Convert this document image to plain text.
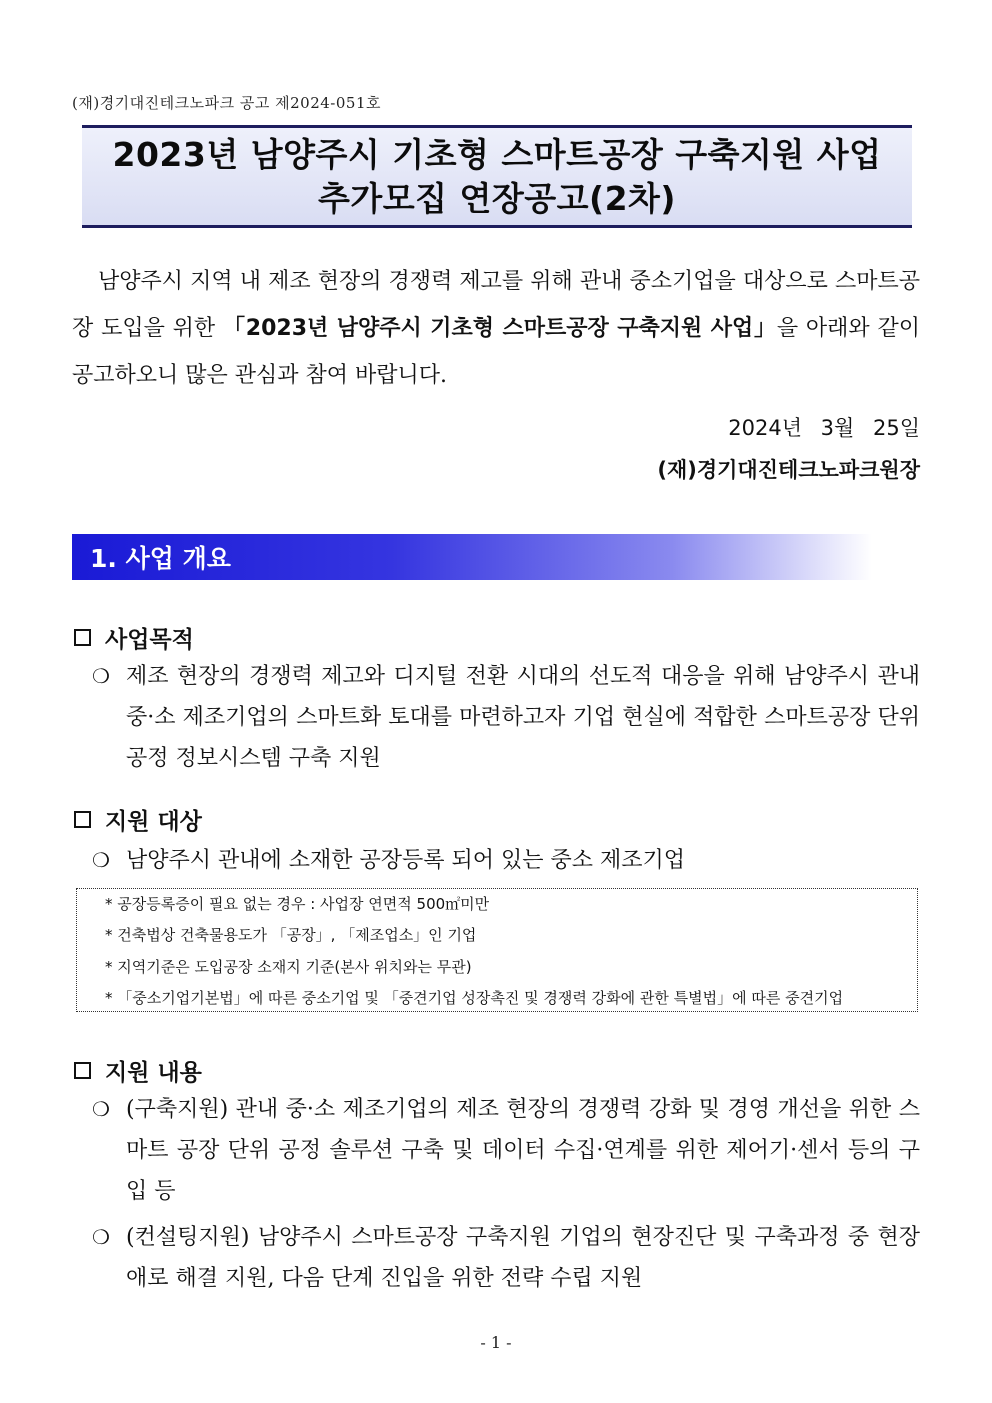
(재)경기대진테크노파크 공고 제2024-051호
2023년 남양주시 기초형 스마트공장 구축지원 사업
추가모집 연장공고(2차)
남양주시 지역 내 제조 현장의 경쟁력 제고를 위해 관내 중소기업을 대상으로 스마트공장 도입을 위한 「2023년 남양주시 기초형 스마트공장 구축지원 사업」을 아래와 같이 공고하오니 많은 관심과 참여 바랍니다.
2024년 3월 25일
(재)경기대진테크노파크원장
1. 사업 개요
사업목적
❍ 제조 현장의 경쟁력 제고와 디지털 전환 시대의 선도적 대응을 위해 남양주시 관내 중·소 제조기업의 스마트화 토대를 마련하고자 기업 현실에 적합한 스마트공장 단위 공정 정보시스템 구축 지원
지원 대상
❍ 남양주시 관내에 소재한 공장등록 되어 있는 중소 제조기업
* 공장등록증이 필요 없는 경우 : 사업장 연면적 500㎡미만
* 건축법상 건축물용도가 「공장」, 「제조업소」인 기업
* 지역기준은 도입공장 소재지 기준(본사 위치와는 무관)
* 「중소기업기본법」에 따른 중소기업 및 「중견기업 성장촉진 및 경쟁력 강화에 관한 특별법」에 따른 중견기업
지원 내용
❍ (구축지원) 관내 중·소 제조기업의 제조 현장의 경쟁력 강화 및 경영 개선을 위한 스마트 공장 단위 공정 솔루션 구축 및 데이터 수집·연계를 위한 제어기·센서 등의 구입 등
❍ (컨설팅지원) 남양주시 스마트공장 구축지원 기업의 현장진단 및 구축과정 중 현장애로 해결 지원, 다음 단계 진입을 위한 전략 수립 지원
- 1 -
